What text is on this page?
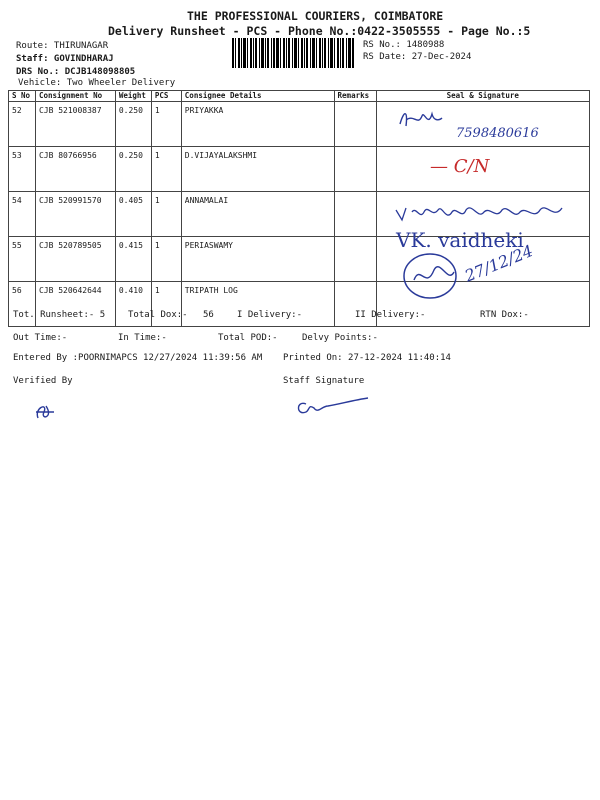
THE PROFESSIONAL COURIERS, COIMBATORE
Delivery Runsheet - PCS - Phone No.:0422-3505555 - Page No.:5
Route: THIRUNAGAR
Staff: GOVINDHARAJ
DRS No.: DCJB148098805
Vehicle: Two Wheeler Delivery
RS No.: 1480988
RS Date: 27-Dec-2024
S No	Consignment No	Weight	PCS	Consignee Details	Remarks	Seal & Signature
52	CJB 521008387	0.250	1	PRIYAKKA		
53	CJB 80766956	0.250	1	D.VIJAYALAKSHMI		
54	CJB 520991570	0.405	1	ANNAMALAI		
55	CJB 520789505	0.415	1	PERIASWAMY		
56	CJB 520642644	0.410	1	TRIPATH LOG		
7598480616
— C/N
VK. vaidheki
27/12/24
Tot. Runsheet:- 5	Total Dox:- 56	I Delivery:-	II Delivery:-	RTN Dox:-
Out Time:-	In Time:-	Total POD:-	Delvy Points:-
Entered By :POORNIMAPCS 12/27/2024 11:39:56 AM Printed On: 27-12-2024 11:40:14
Verified By	Staff Signature
